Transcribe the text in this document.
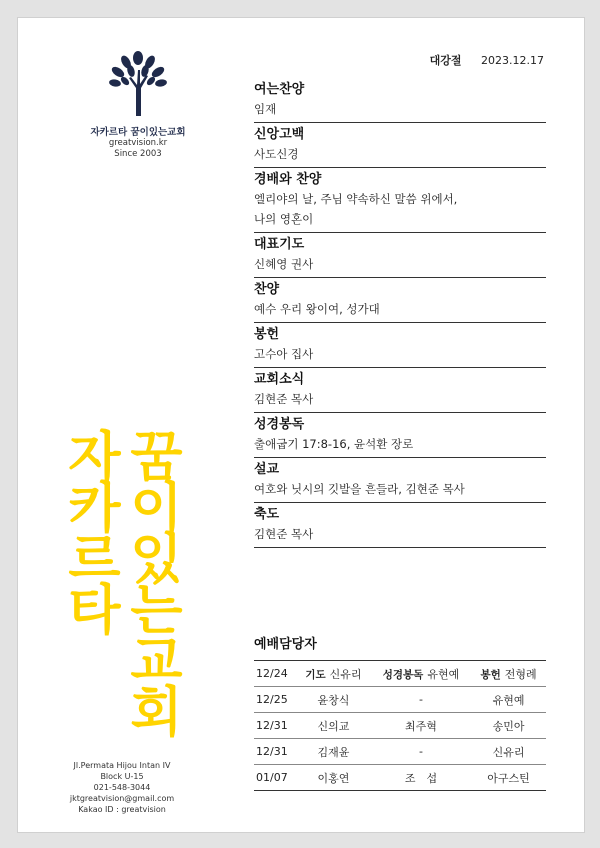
자카르타 꿈이있는교회
greatvision.kr
Since 2003
꿈이있는교회
자카르타
Jl.Permata Hijou Intan IV
Block U-15
021-548-3044
jktgreatvision@gmail.com
Kakao ID : greatvision
대강절 2023.12.17
여는찬양
임재
신앙고백
사도신경
경배와 찬양
엘리야의 날, 주님 약속하신 말씀 위에서,
나의 영혼이
대표기도
신혜영 권사
찬양
예수 우리 왕이여, 성가대
봉헌
고수아 집사
교회소식
김현준 목사
성경봉독
출애굽기 17:8-16, 윤석환 장로
설교
여호와 닛시의 깃발을 흔들라, 김현준 목사
축도
김현준 목사
예배담당자
12/24	기도 신유리	성경봉독 유현예	봉헌 전형례
12/25	윤창식	-	유현예
12/31	신의교	최주혁	송민아
12/31	김재윤	-	신유리
01/07	이홍연	조　섭	아구스틴
